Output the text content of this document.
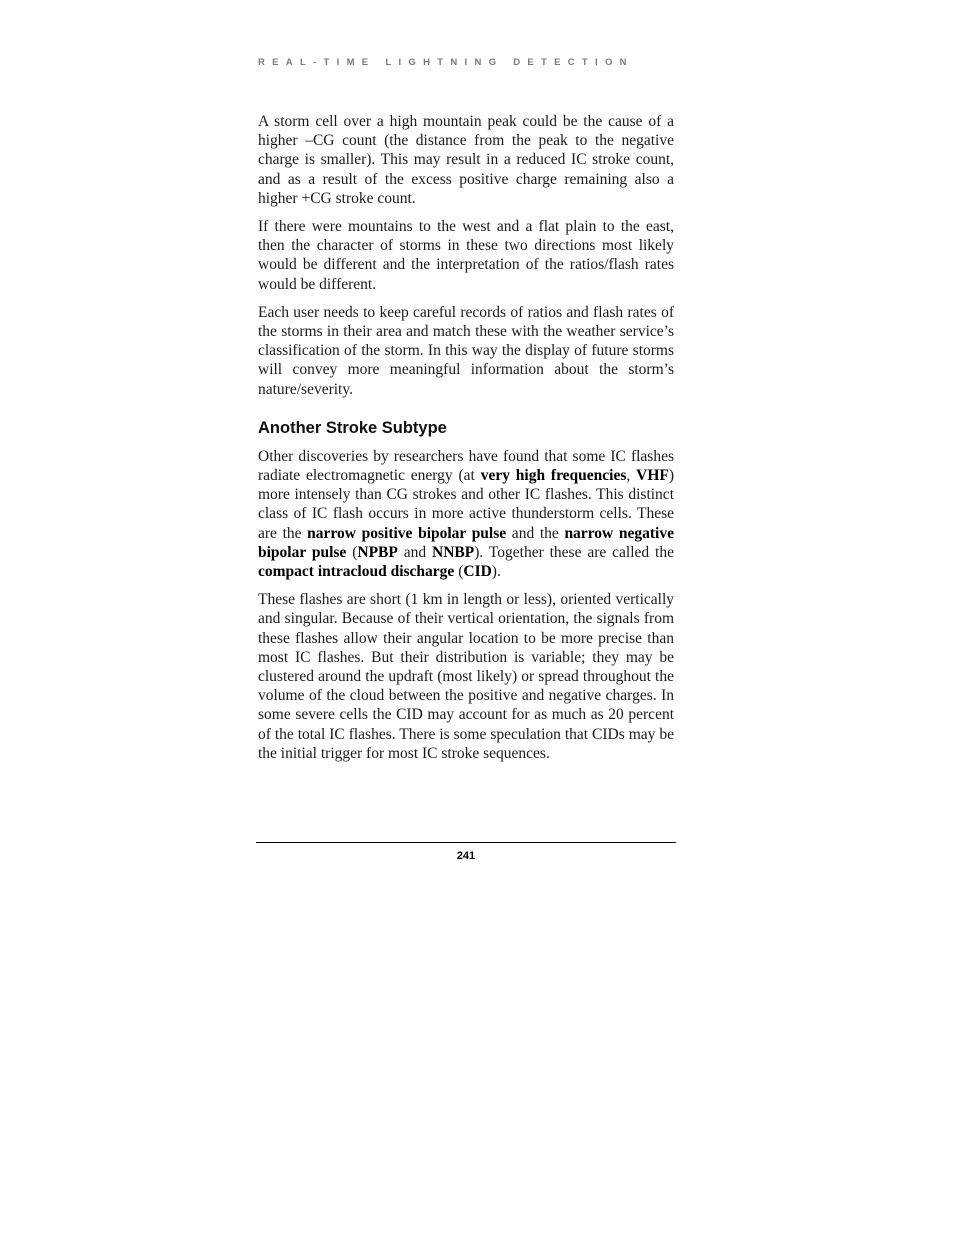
REAL-TIME LIGHTNING DETECTION

A storm cell over a high mountain peak could be the cause of a higher –CG count (the distance from the peak to the negative charge is smaller). This may result in a reduced IC stroke count, and as a result of the excess positive charge remaining also a higher +CG stroke count.

If there were mountains to the west and a flat plain to the east, then the character of storms in these two directions most likely would be different and the interpretation of the ratios/flash rates would be different.

Each user needs to keep careful records of ratios and flash rates of the storms in their area and match these with the weather service’s classification of the storm. In this way the display of future storms will convey more meaningful information about the storm’s nature/severity.

Another Stroke Subtype

Other discoveries by researchers have found that some IC flashes radiate electromagnetic energy (at very high frequencies, VHF) more intensely than CG strokes and other IC flashes. This distinct class of IC flash occurs in more active thunderstorm cells. These are the narrow positive bipolar pulse and the narrow negative bipolar pulse (NPBP and NNBP). Together these are called the compact intracloud discharge (CID).

These flashes are short (1 km in length or less), oriented vertically and singular. Because of their vertical orientation, the signals from these flashes allow their angular location to be more precise than most IC flashes. But their distribution is variable; they may be clustered around the updraft (most likely) or spread throughout the volume of the cloud between the positive and negative charges. In some severe cells the CID may account for as much as 20 percent of the total IC flashes. There is some speculation that CIDs may be the initial trigger for most IC stroke sequences.

241
